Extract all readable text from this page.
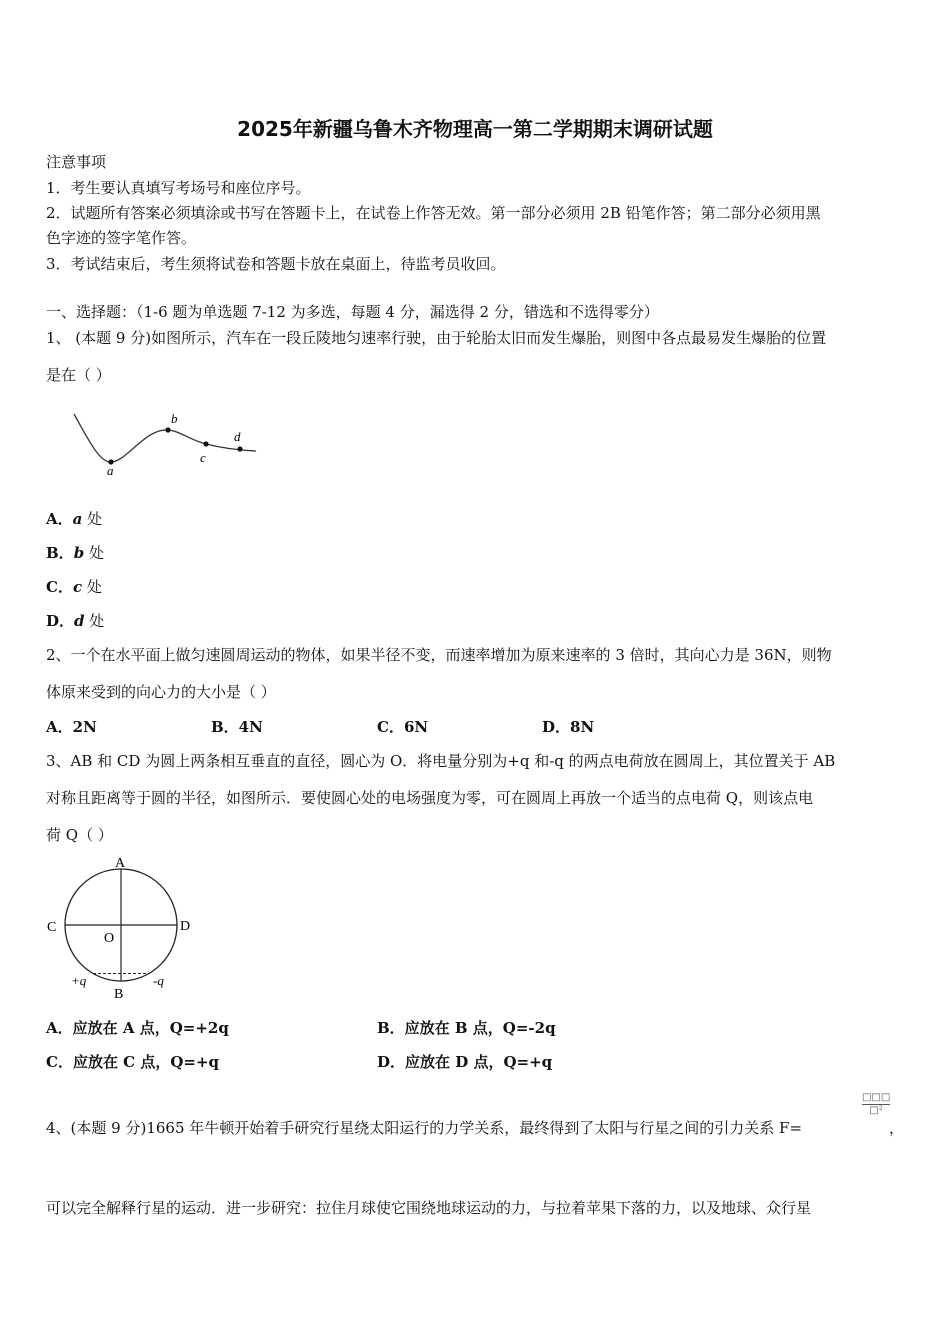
2025年新疆乌鲁木齐物理高一第二学期期末调研试题
注意事项
1．考生要认真填写考场号和座位序号。
2．试题所有答案必须填涂或书写在答题卡上，在试卷上作答无效。第一部分必须用 2B 铅笔作答；第二部分必须用黑
色字迹的签字笔作答。
3．考试结束后，考生须将试卷和答题卡放在桌面上，待监考员收回。
一、选择题：（1-6 题为单选题 7-12 为多选，每题 4 分，漏选得 2 分，错选和不选得零分）
1、 (本题 9 分)如图所示，汽车在一段丘陵地匀速率行驶，由于轮胎太旧而发生爆胎，则图中各点最易发生爆胎的位置
是在（ ）
a
b
c
d
A．a 处
B．b 处
C．c 处
D．d 处
2、一个在水平面上做匀速圆周运动的物体，如果半径不变，而速率增加为原来速率的 3 倍时，其向心力是 36N，则物
体原来受到的向心力的大小是（ ）
A．2N	B．4N	C．6N	D．8N
3、AB 和 CD 为圆上两条相互垂直的直径，圆心为 O．将电量分别为+q 和-q 的两点电荷放在圆周上，其位置关于 AB
对称且距离等于圆的半径，如图所示．要使圆心处的电场强度为零，可在圆周上再放一个适当的点电荷 Q，则该点电
荷 Q（ ）
A
B
C	D
O
+q	-q
A．应放在 A 点，Q=+2q	B．应放在 B 点，Q=-2q
C．应放在 C 点，Q=+q	D．应放在 D 点，Q=+q
4、(本题 9 分)1665 年牛顿开始着手研究行星绕太阳运行的力学关系，最终得到了太阳与行星之间的引力关系 F=
□□□
□²
，
可以完全解释行星的运动．进一步研究：拉住月球使它围绕地球运动的力，与拉着苹果下落的力，以及地球、众行星
